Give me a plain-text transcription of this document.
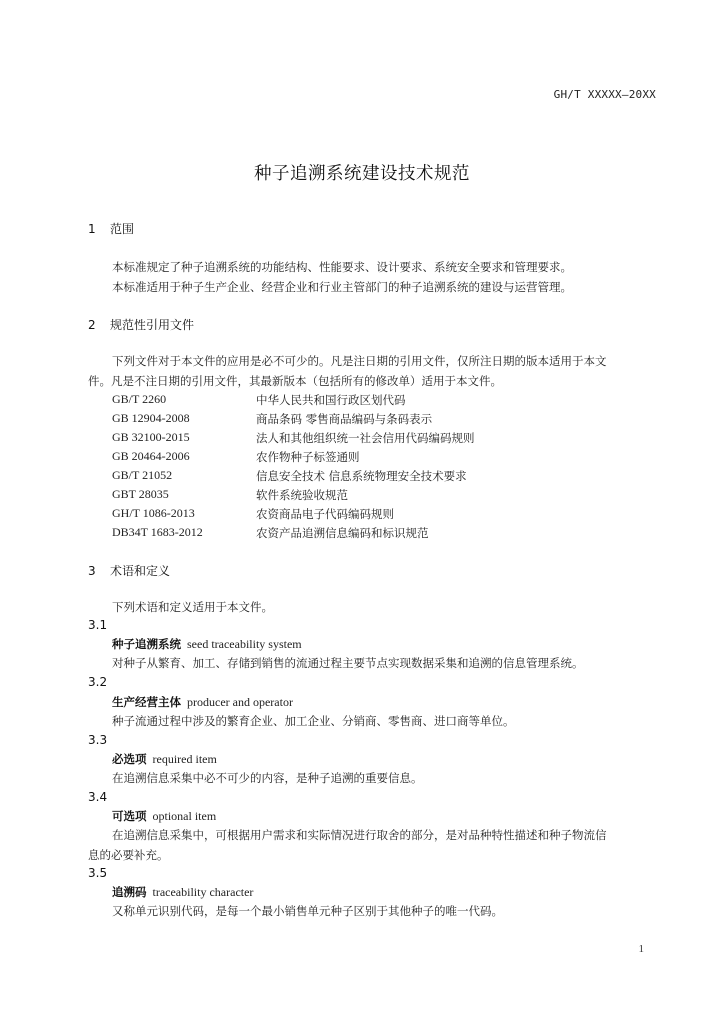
GH/T XXXXX—20XX
种子追溯系统建设技术规范
1 范围
本标准规定了种子追溯系统的功能结构、性能要求、设计要求、系统安全要求和管理要求。
本标准适用于种子生产企业、经营企业和行业主管部门的种子追溯系统的建设与运营管理。
2 规范性引用文件
下列文件对于本文件的应用是必不可少的。凡是注日期的引用文件，仅所注日期的版本适用于本文
件。凡是不注日期的引用文件，其最新版本（包括所有的修改单）适用于本文件。
GB/T 2260	中华人民共和国行政区划代码
GB 12904-2008	商品条码 零售商品编码与条码表示
GB 32100-2015	法人和其他组织统一社会信用代码编码规则
GB 20464-2006	农作物种子标签通则
GB/T 21052	信息安全技术 信息系统物理安全技术要求
GBT 28035	软件系统验收规范
GH/T 1086-2013	农资商品电子代码编码规则
DB34T 1683-2012	农资产品追溯信息编码和标识规范
3 术语和定义
下列术语和定义适用于本文件。
3.1
种子追溯系统 seed traceability system
对种子从繁育、加工、存储到销售的流通过程主要节点实现数据采集和追溯的信息管理系统。
3.2
生产经营主体 producer and operator
种子流通过程中涉及的繁育企业、加工企业、分销商、零售商、进口商等单位。
3.3
必选项 required item
在追溯信息采集中必不可少的内容，是种子追溯的重要信息。
3.4
可选项 optional item
在追溯信息采集中，可根据用户需求和实际情况进行取舍的部分，是对品种特性描述和种子物流信
息的必要补充。
3.5
追溯码 traceability character
又称单元识别代码，是每一个最小销售单元种子区别于其他种子的唯一代码。
1
